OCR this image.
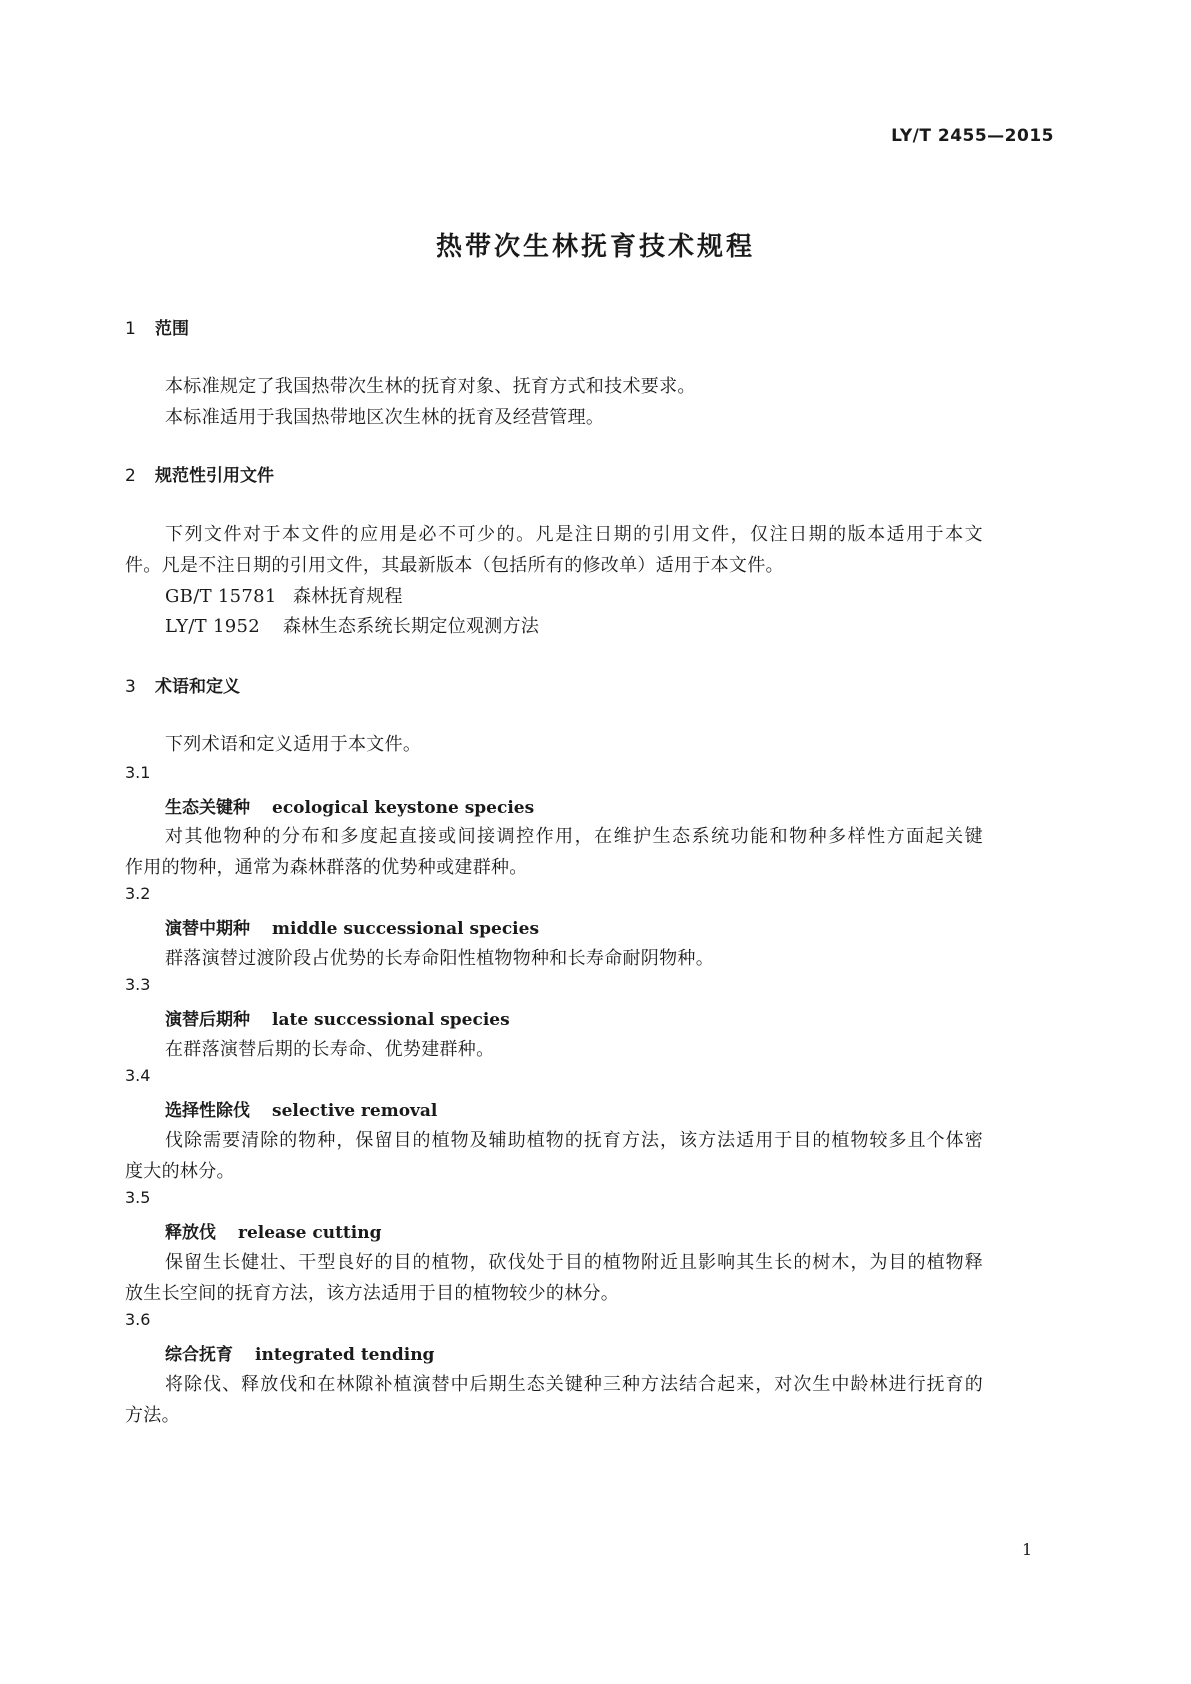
LY/T 2455—2015
热带次生林抚育技术规程
1 范围
本标准规定了我国热带次生林的抚育对象、抚育方式和技术要求。
本标准适用于我国热带地区次生林的抚育及经营管理。
2 规范性引用文件
下列文件对于本文件的应用是必不可少的。凡是注日期的引用文件，仅注日期的版本适用于本文
件。凡是不注日期的引用文件，其最新版本（包括所有的修改单）适用于本文件。
GB/T 15781 森林抚育规程
LY/T 1952 森林生态系统长期定位观测方法
3 术语和定义
下列术语和定义适用于本文件。
3.1
生态关键种 ecological keystone species
对其他物种的分布和多度起直接或间接调控作用，在维护生态系统功能和物种多样性方面起关键
作用的物种，通常为森林群落的优势种或建群种。
3.2
演替中期种 middle successional species
群落演替过渡阶段占优势的长寿命阳性植物物种和长寿命耐阴物种。
3.3
演替后期种 late successional species
在群落演替后期的长寿命、优势建群种。
3.4
选择性除伐 selective removal
伐除需要清除的物种，保留目的植物及辅助植物的抚育方法，该方法适用于目的植物较多且个体密
度大的林分。
3.5
释放伐 release cutting
保留生长健壮、干型良好的目的植物，砍伐处于目的植物附近且影响其生长的树木，为目的植物释
放生长空间的抚育方法，该方法适用于目的植物较少的林分。
3.6
综合抚育 integrated tending
将除伐、释放伐和在林隙补植演替中后期生态关键种三种方法结合起来，对次生中龄林进行抚育的
方法。
1
